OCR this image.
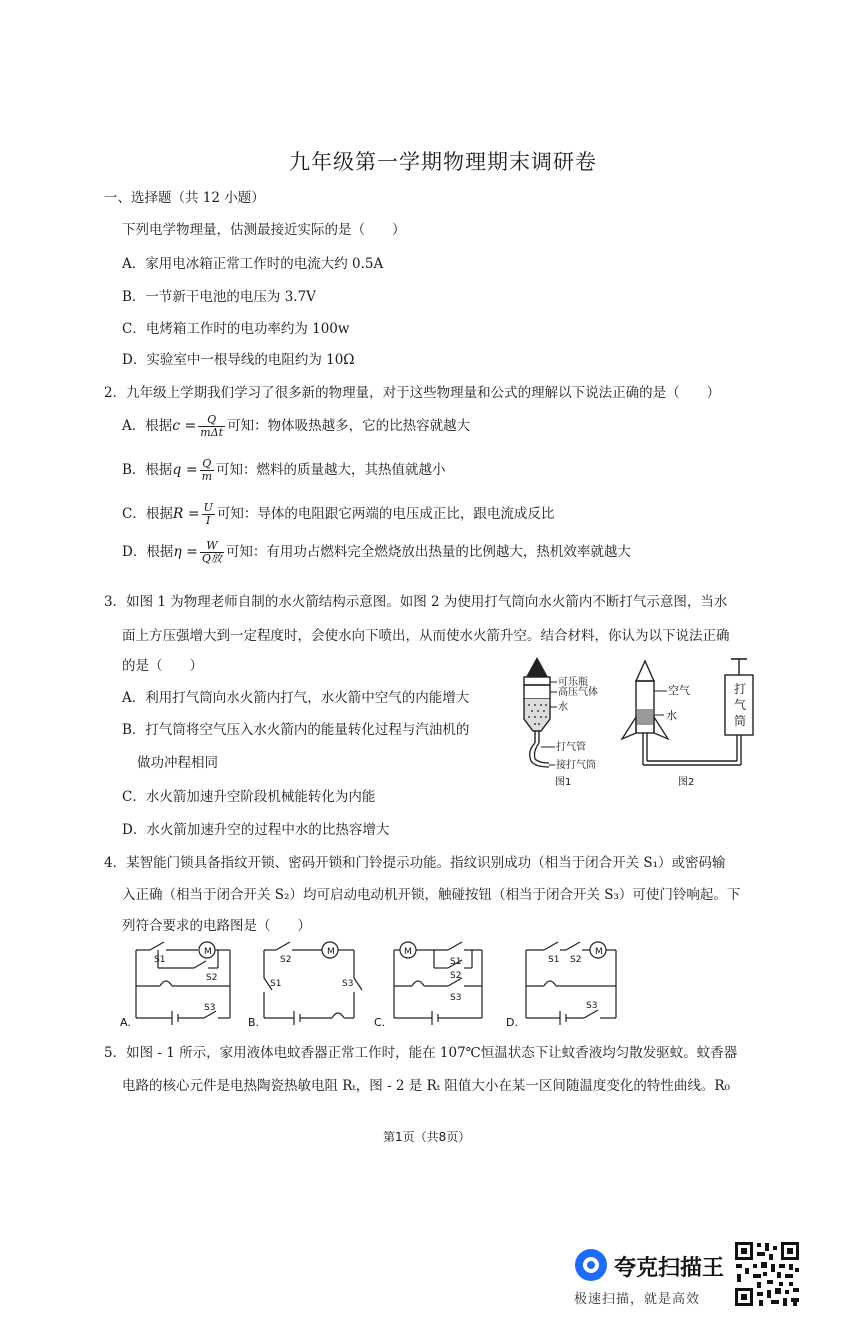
九年级第一学期物理期末调研卷
一、选择题（共 12 小题）
下列电学物理量，估测最接近实际的是（　　）
A．家用电冰箱正常工作时的电流大约 0.5A
B．一节新干电池的电压为 3.7V
C．电烤箱工作时的电功率约为 100w
D．实验室中一根导线的电阻约为 10Ω
2．九年级上学期我们学习了很多新的物理量，对于这些物理量和公式的理解以下说法正确的是（　　）
A．根据$c = \frac{Q}{\text{mΔt}}$ 可知：物体吸热越多，它的比热容就越大
B．根据$q = \frac{Q}{m}$ 可知：燃料的质量越大，其热值就越小
C．根据$R = \frac{U}{I}$ 可知：导体的电阻跟它两端的电压成正比，跟电流成反比
D．根据$\eta = \frac{W}{\text{Q放}}$ 可知：有用功占燃料完全燃烧放出热量的比例越大，热机效率就越大
3．如图 1 为物理老师自制的水火箭结构示意图。如图 2 为使用打气筒向水火箭内不断打气示意图，当水
面上方压强增大到一定程度时，会使水向下喷出，从而使水火箭升空。结合材料，你认为以下说法正确
的是（　　）
A．利用打气筒向水火箭内打气，水火箭中空气的内能增大
B．打气筒将空气压入水火箭内的能量转化过程与汽油机的
做功冲程相同
C．水火箭加速升空阶段机械能转化为内能
D．水火箭加速升空的过程中水的比热容增大
可乐瓶
高压气体
水
打气管
接打气筒
图1
空气
水
打
气
筒
图2
4．某智能门锁具备指纹开锁、密码开锁和门铃提示功能。指纹识别成功（相当于闭合开关 S₁）或密码输
入正确（相当于闭合开关 S₂）均可启动电动机开锁，触碰按钮（相当于闭合开关 S₃）可使门铃响起。下
列符合要求的电路图是（　　）
M
S1
S2
S3
A.
S2
M
S1	S3
B.
M
S1
S2
S3
C.
S1 S2
M
S3
D.
5．如图 - 1 所示，家用液体电蚊香器正常工作时，能在 107℃恒温状态下让蚊香液均匀散发驱蚊。蚊香器
电路的核心元件是电热陶瓷热敏电阻 Rₜ，图 - 2 是 Rₜ 阻值大小在某一区间随温度变化的特性曲线。R₀
第1页（共8页）
夸克扫描王
极速扫描，就是高效
